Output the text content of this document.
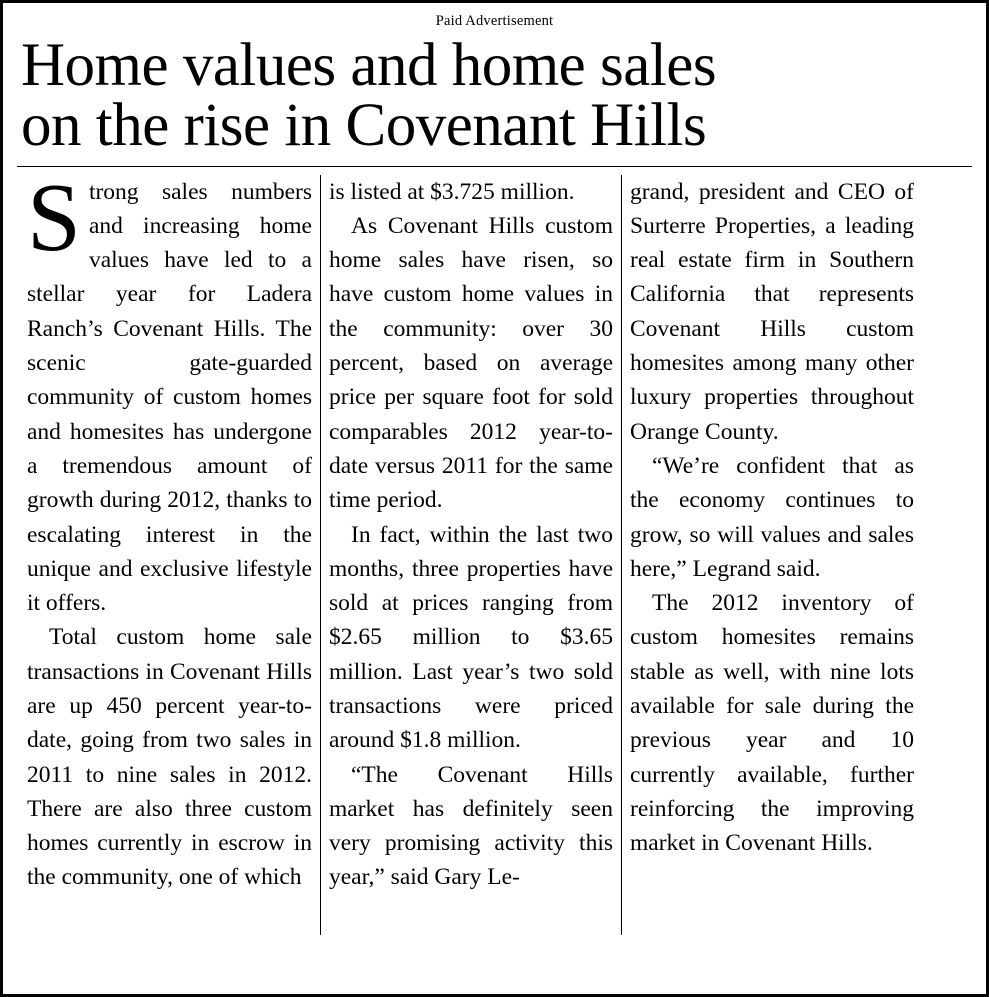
Paid Advertisement
Home values and home sales
on the rise in Covenant Hills

Strong sales numbers and increasing home values have led to a stellar year for Ladera Ranch’s Covenant Hills. The scenic gate-guarded community of custom homes and homesites has undergone a tremendous amount of growth during 2012, thanks to escalating interest in the unique and exclusive lifestyle it offers.

Total custom home sale transactions in Covenant Hills are up 450 percent year-to-date, going from two sales in 2011 to nine sales in 2012. There are also three custom homes currently in escrow in the community, one of which

is listed at $3.725 million.

As Covenant Hills custom home sales have risen, so have custom home values in the community: over 30 percent, based on average price per square foot for sold comparables 2012 year-to-date versus 2011 for the same time period.

In fact, within the last two months, three properties have sold at prices ranging from $2.65 million to $3.65 million. Last year’s two sold transactions were priced around $1.8 million.

“The Covenant Hills market has definitely seen very promising activity this year,” said Gary Le-

grand, president and CEO of Surterre Properties, a leading real estate firm in Southern California that represents Covenant Hills custom homesites among many other luxury properties throughout Orange County.

“We’re confident that as the economy continues to grow, so will values and sales here,” Legrand said.

The 2012 inventory of custom homesites remains stable as well, with nine lots available for sale during the previous year and 10 currently available, further reinforcing the improving market in Covenant Hills.
